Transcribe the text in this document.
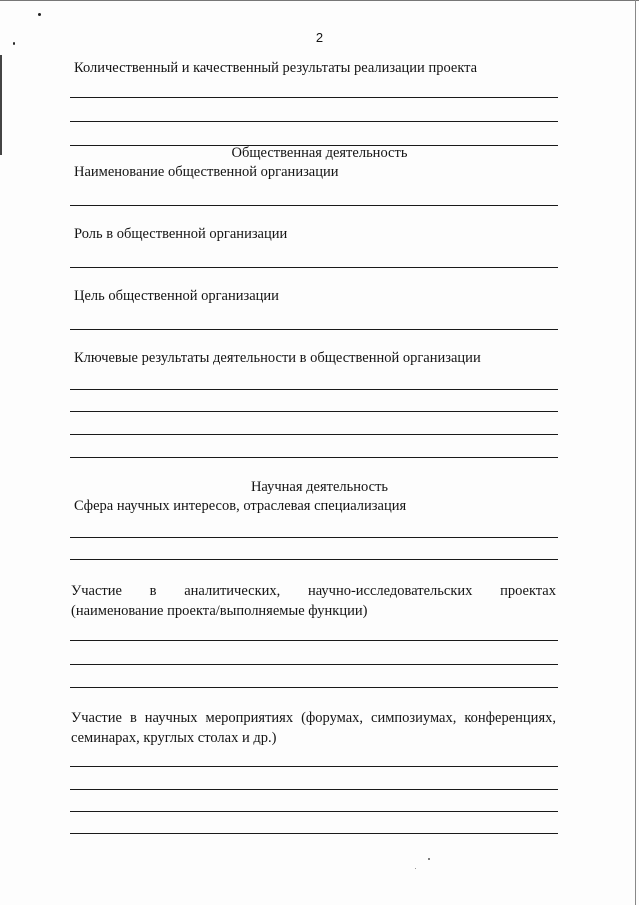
2
Количественный и качественный результаты реализации проекта
Общественная деятельность
Наименование общественной организации
Роль в общественной организации
Цель общественной организации
Ключевые результаты деятельности в общественной организации
Научная деятельность
Сфера научных интересов, отраслевая специализация
Участие в аналитических, научно-исследовательских проектах
(наименование проекта/выполняемые функции)
Участие в научных мероприятиях (форумах, симпозиумах, конференциях,
семинарах, круглых столах и др.)
